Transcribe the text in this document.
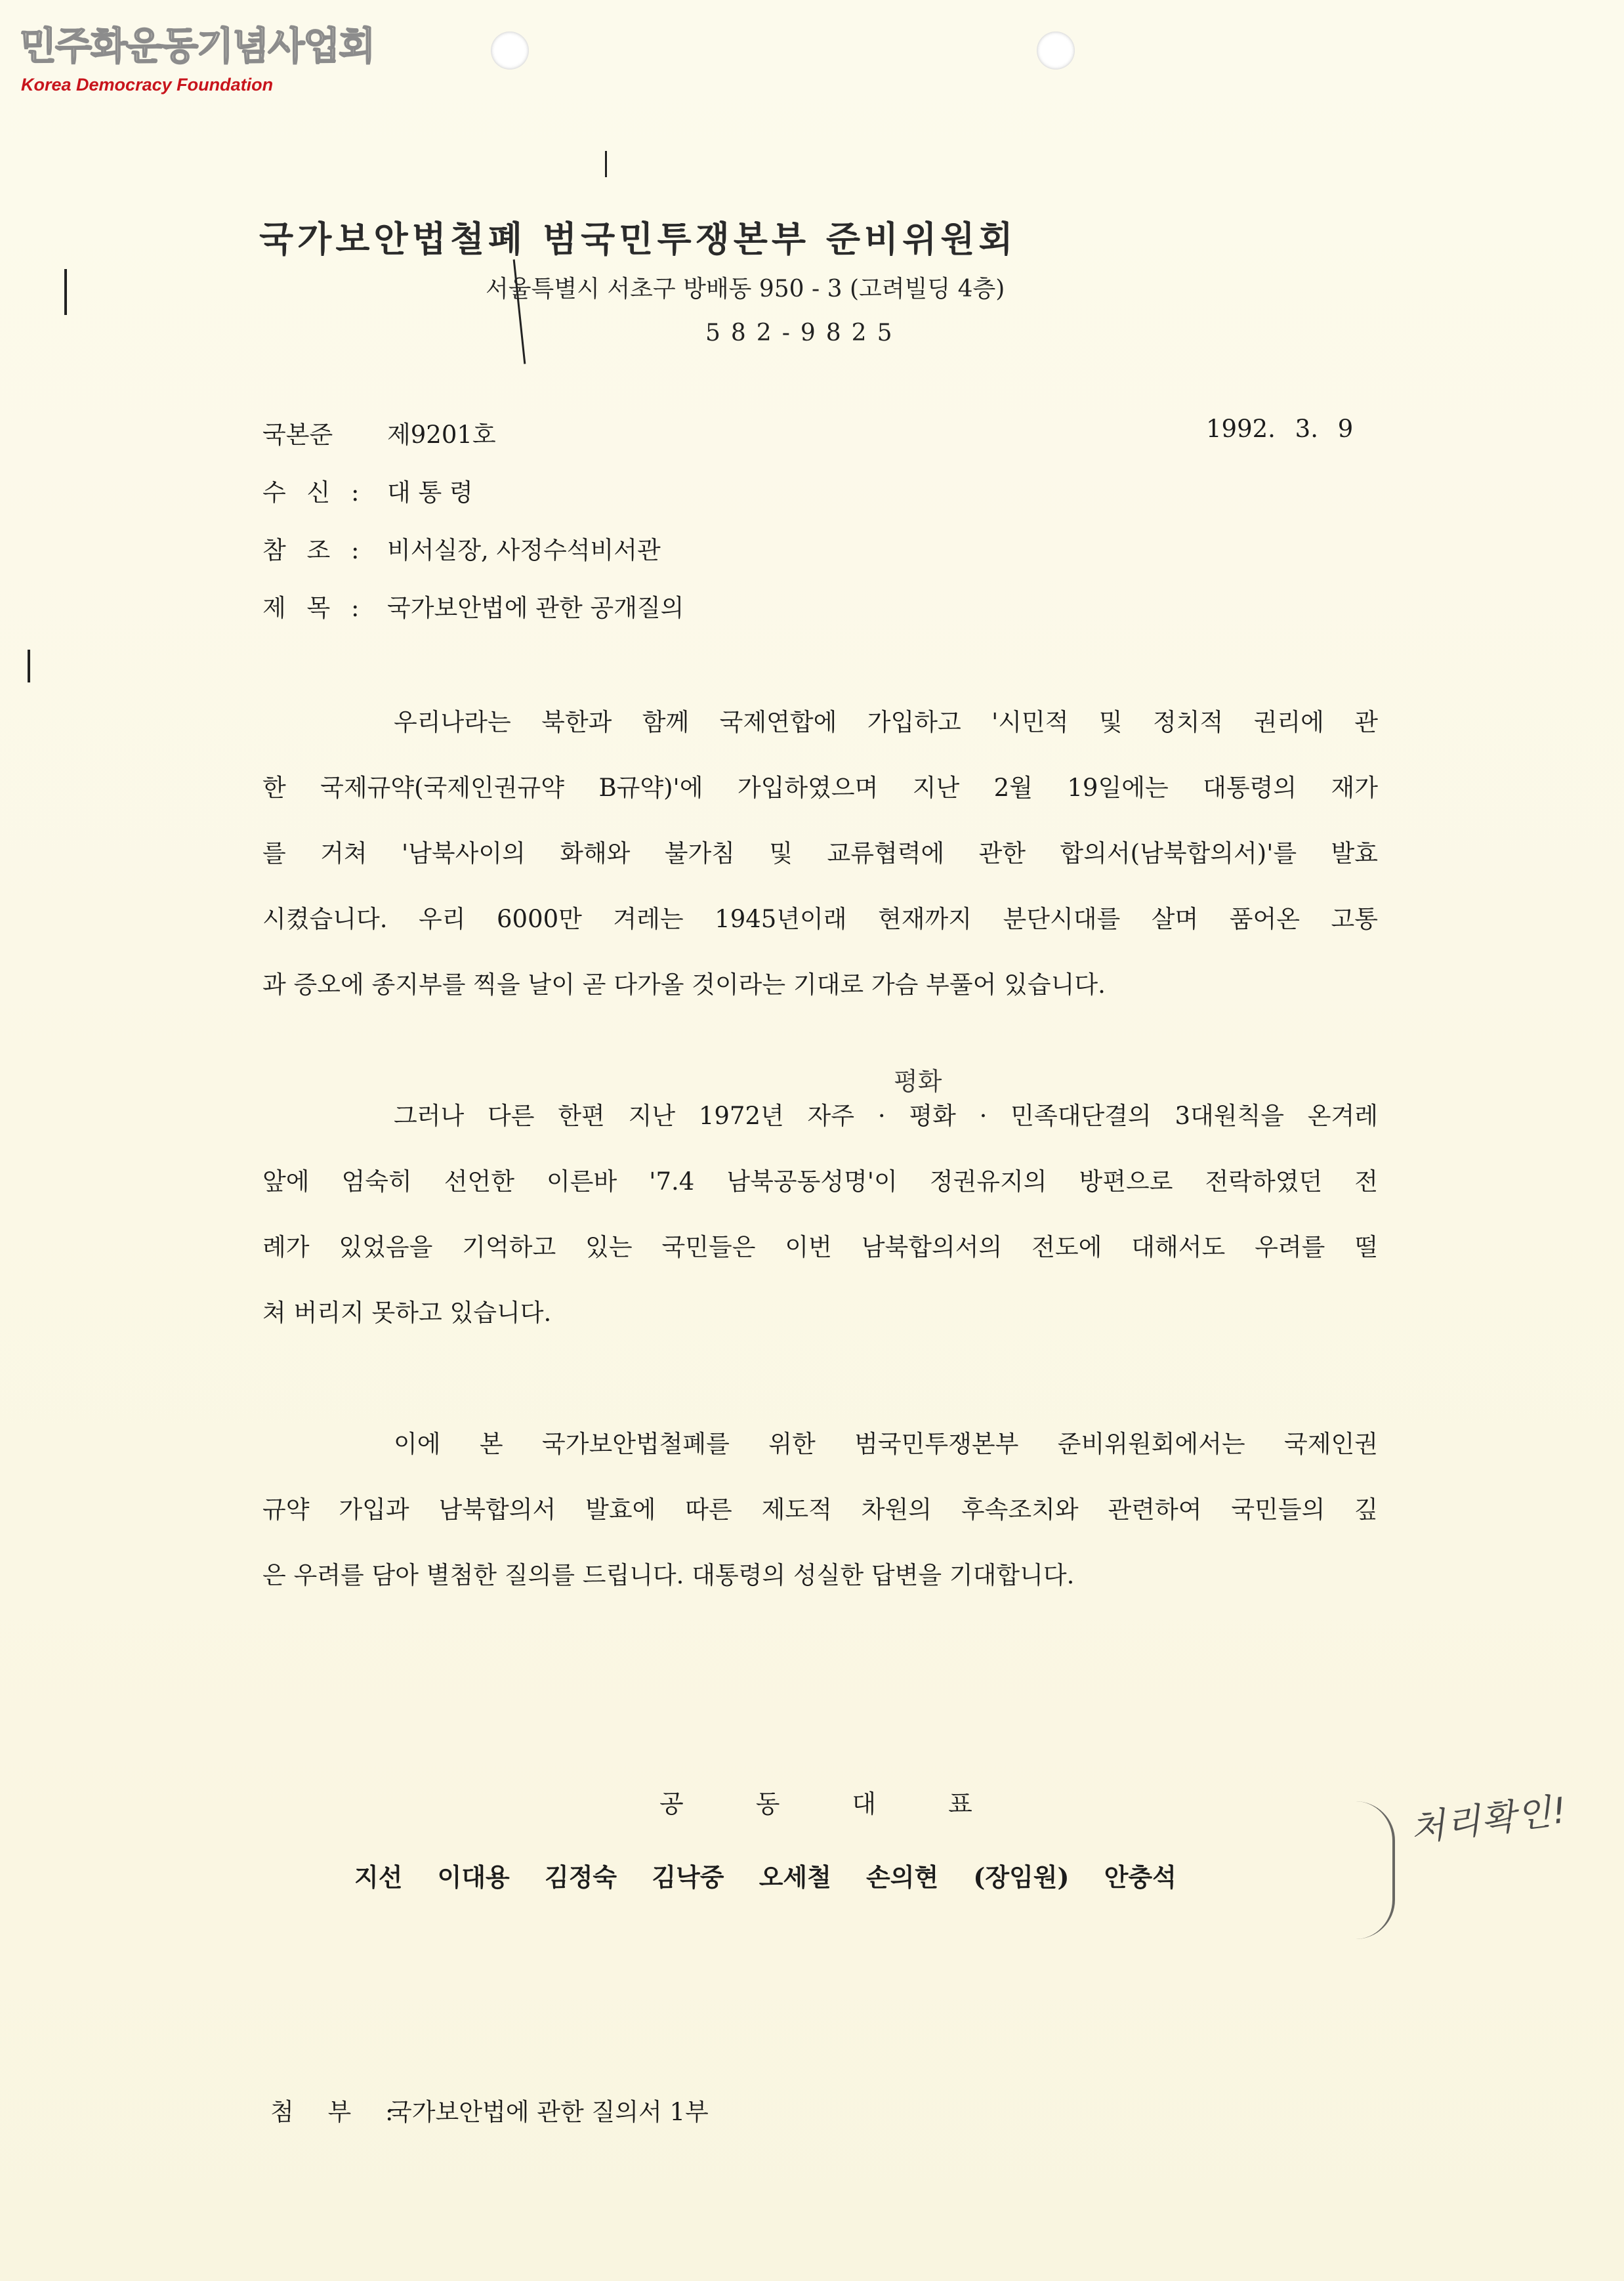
민주화운동기념사업회
Korea Democracy Foundation
국가보안법철폐 범국민투쟁본부 준비위원회
서울특별시 서초구 방배동 950 - 3 (고려빌딩 4층)
582-9825
국본준 제9201호	1992. 3. 9
수 신 : 대 통 령
참 조 : 비서실장, 사정수석비서관
제 목 : 국가보안법에 관한 공개질의
우리나라는 북한과 함께 국제연합에 가입하고 '시민적 및 정치적 권리에 관
한 국제규약(국제인권규약 B규약)'에 가입하였으며 지난 2월 19일에는 대통령의 재가
를 거쳐 '남북사이의 화해와 불가침 및 교류협력에 관한 합의서(남북합의서)'를 발효
시켰습니다. 우리 6000만 겨레는 1945년이래 현재까지 분단시대를 살며 품어온 고통
과 증오에 종지부를 찍을 날이 곧 다가올 것이라는 기대로 가슴 부풀어 있습니다.
평화
그러나 다른 한편 지난 1972년 자주 · 평화 · 민족대단결의 3대원칙을 온겨레
앞에 엄숙히 선언한 이른바 '7.4 남북공동성명'이 정권유지의 방편으로 전락하였던 전
례가 있었음을 기억하고 있는 국민들은 이번 남북합의서의 전도에 대해서도 우려를 떨
쳐 버리지 못하고 있습니다.
이에 본 국가보안법철폐를 위한 범국민투쟁본부 준비위원회에서는 국제인권
규약 가입과 남북합의서 발효에 따른 제도적 차원의 후속조치와 관련하여 국민들의 깊
은 우려를 담아 별첨한 질의를 드립니다. 대통령의 성실한 답변을 기대합니다.
공동대표
지선 이대용 김정숙 김낙중 오세철 손의현 (장임원) 안충석
처리확인!
첨 부 :국가보안법에 관한 질의서 1부
